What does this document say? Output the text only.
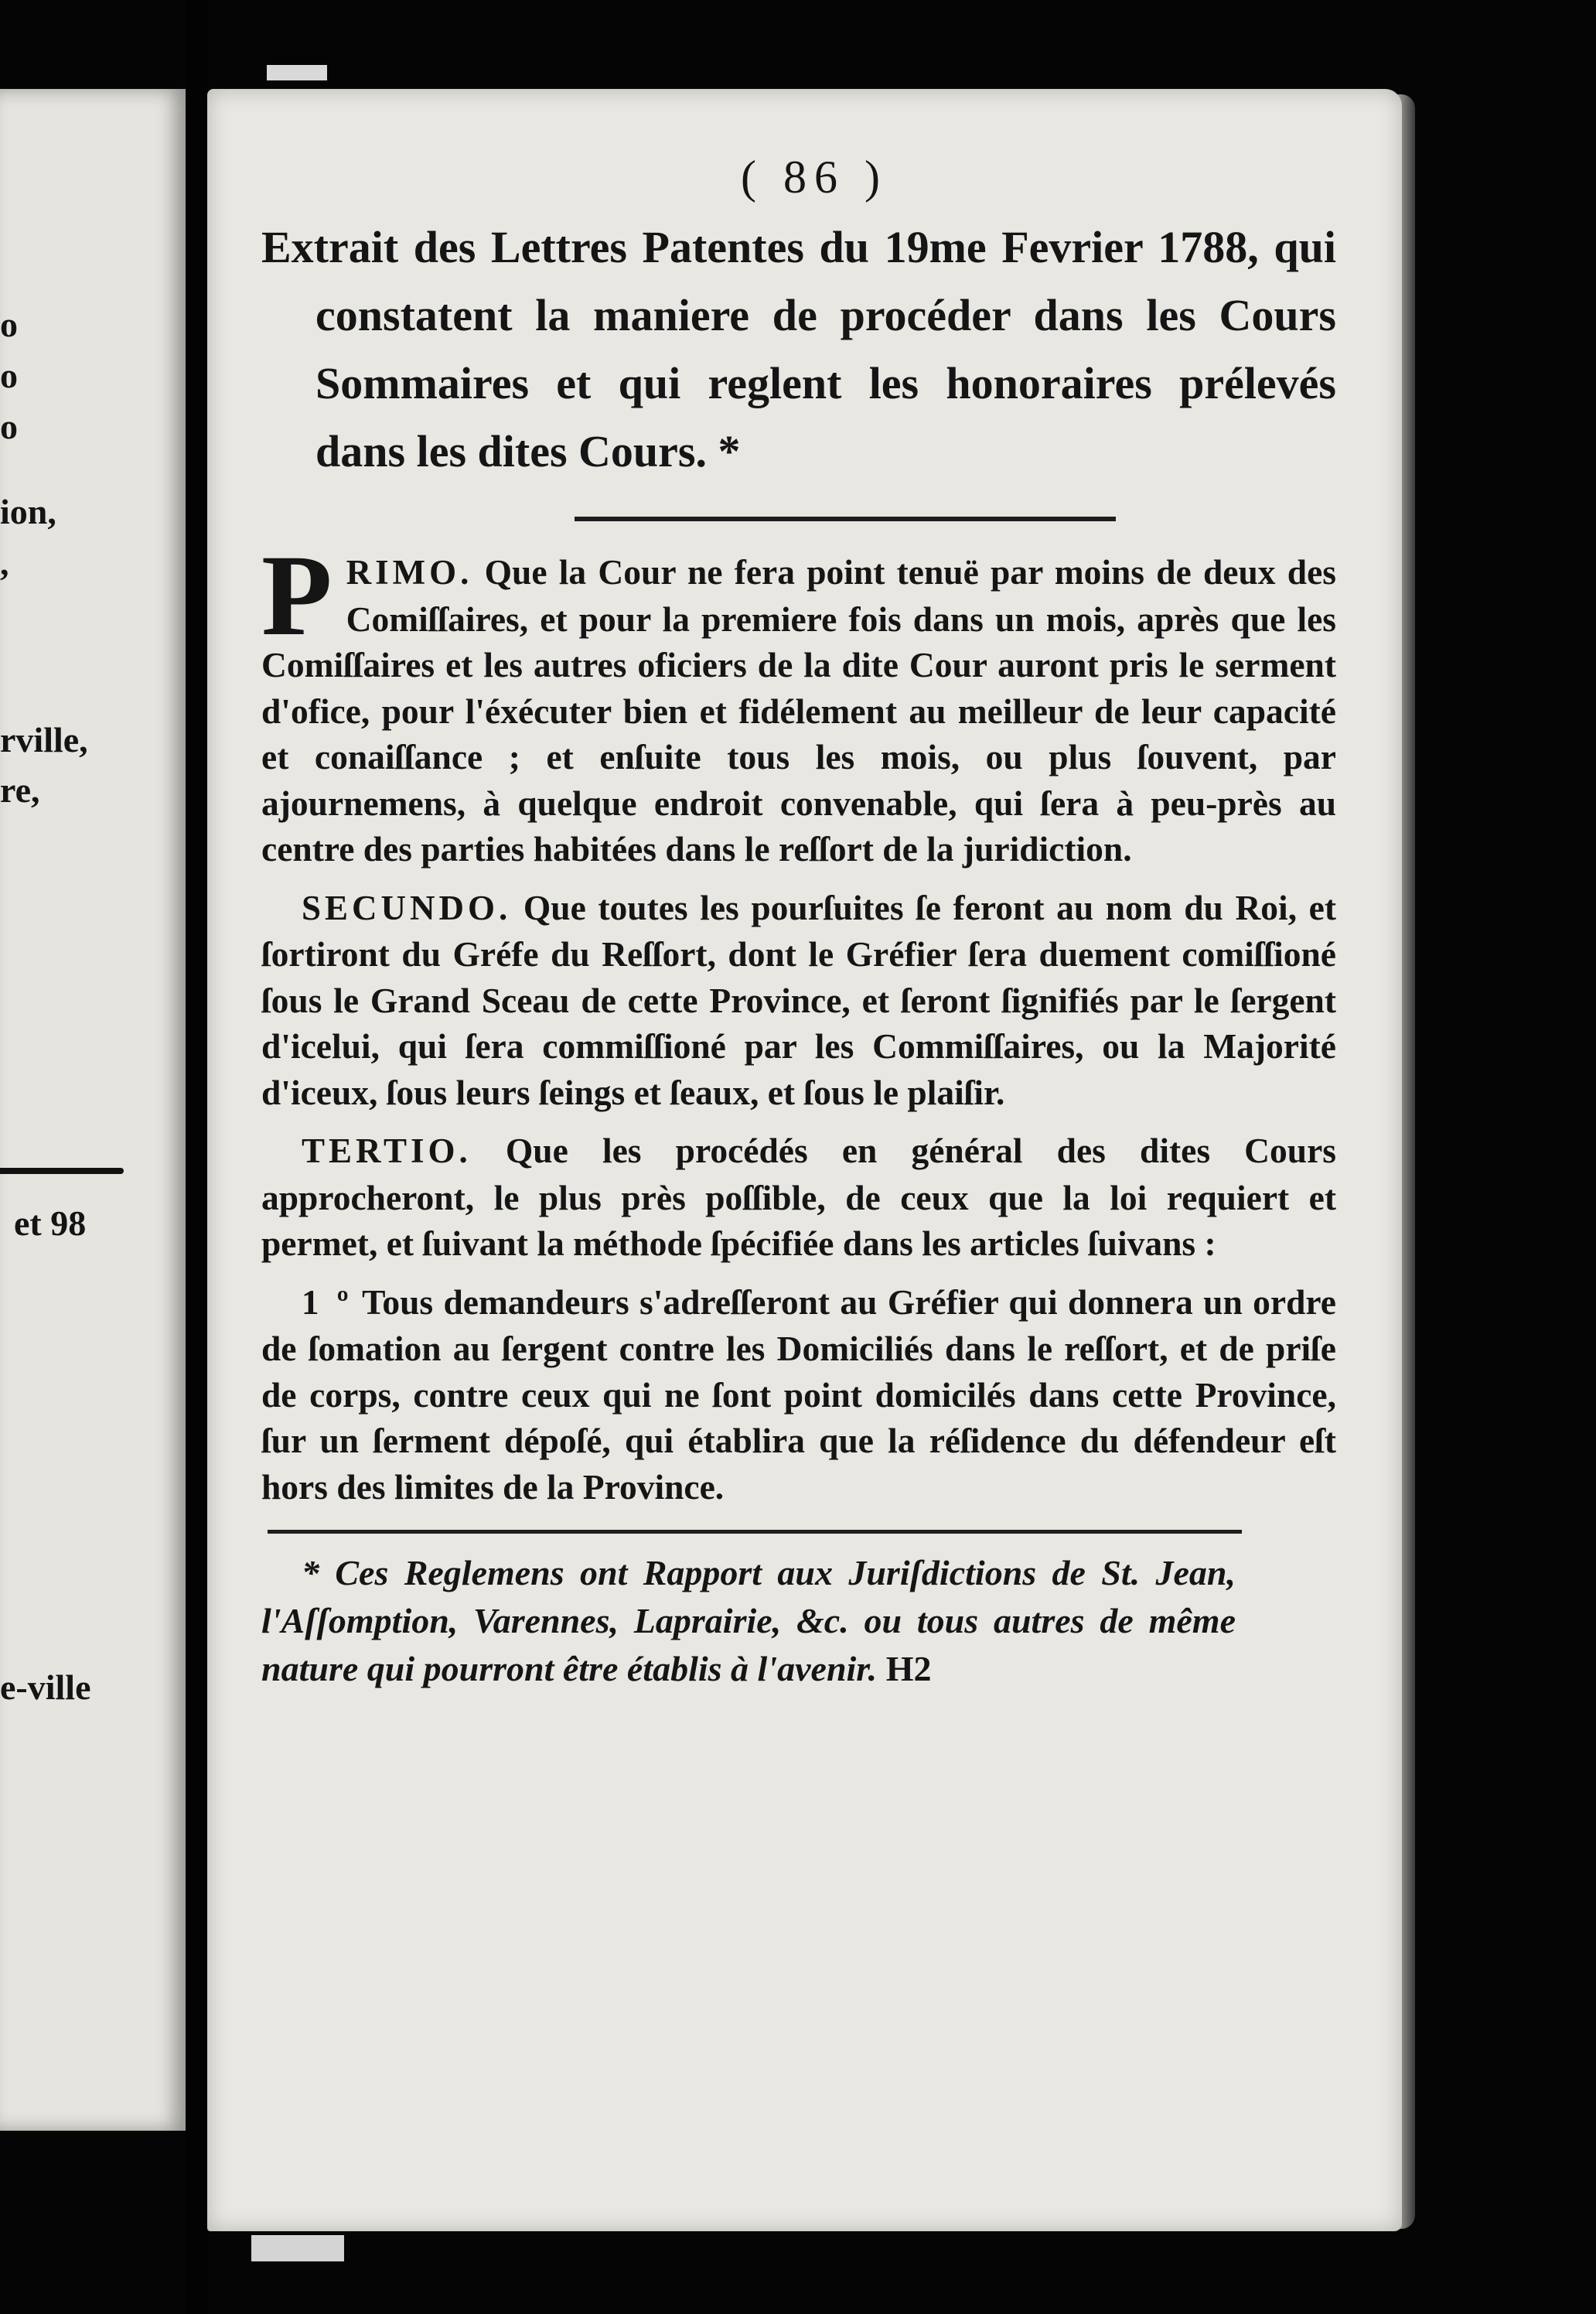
o
o
o
ion,
,
rville,
re,
et 98
e-ville
( 86 )

Extrait des Lettres Patentes du 19me Fevrier 1788, qui constatent la maniere de procéder dans les Cours Sommaires et qui reglent les honoraires prélevés dans les dites Cours. *

PRIMO. Que la Cour ne fera point tenuë par moins de deux des Comiſſaires, et pour la premiere fois dans un mois, après que les Comiſſaires et les autres oficiers de la dite Cour auront pris le serment d'ofice, pour l'éxécuter bien et fidélement au meilleur de leur capacité et conaiſſance ; et enſuite tous les mois, ou plus ſouvent, par ajournemens, à quelque endroit convenable, qui ſera à peu-près au centre des parties habitées dans le reſſort de la juridiction.

SECUNDO. Que toutes les pourſuites ſe feront au nom du Roi, et ſortiront du Gréfe du Reſſort, dont le Gréfier ſera duement comiſſioné ſous le Grand Sceau de cette Province, et ſeront ſignifiés par le ſergent d'icelui, qui ſera commiſſioné par les Commiſſaires, ou la Majorité d'iceux, ſous leurs ſeings et ſeaux, et ſous le plaiſir.

TERTIO. Que les procédés en général des dites Cours approcheront, le plus près poſſible, de ceux que la loi requiert et permet, et ſuivant la méthode ſpécifiée dans les articles ſuivans :

1 º Tous demandeurs s'adreſſeront au Gréfier qui donnera un ordre de ſomation au ſergent contre les Domiciliés dans le reſſort, et de priſe de corps, contre ceux qui ne ſont point domicilés dans cette Province, ſur un ſerment dépoſé, qui établira que la réſidence du défendeur eſt hors des limites de la Province.

* Ces Reglemens ont Rapport aux Juriſdictions de St. Jean, l'Aſſomption, Varennes, Laprairie, &c. ou tous autres de même nature qui pourront être établis à l'avenir. H2
